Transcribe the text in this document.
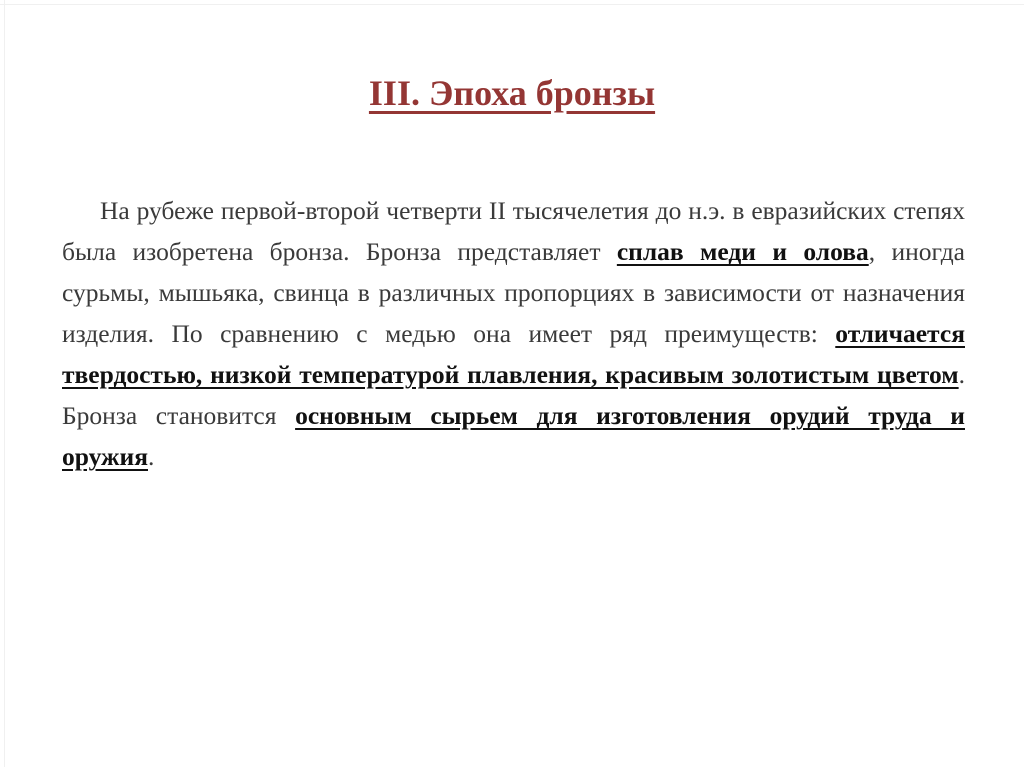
III. Эпоха бронзы

На рубеже первой-второй четверти II тысячелетия до н.э. в евразийских степях была изобретена бронза. Бронза представляет сплав меди и олова, иногда сурьмы, мышьяка, свинца в различных пропорциях в зависимости от назначения изделия. По сравнению с медью она имеет ряд преимуществ: отличается твердостью, низкой температурой плавления, красивым золотистым цветом. Бронза становится основным сырьем для изготовления орудий труда и оружия.
